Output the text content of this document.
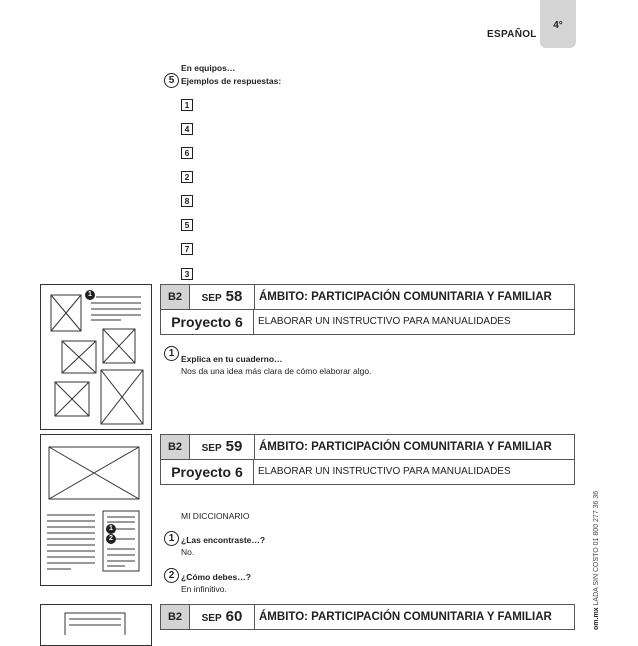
ESPAÑOL
4°
En equipos…
5 Ejemplos de respuestas:
1
4
6
2
8
5
7
3
1	B2	SEP 58	ÁMBITO: PARTICIPACIÓN COMUNITARIA Y FAMILIAR
Proyecto 6	ELABORAR UN INSTRUCTIVO PARA MANUALIDADES
1 Explica en tu cuaderno…
Nos da una idea más clara de cómo elaborar algo.
1
2
B2	SEP 59	ÁMBITO: PARTICIPACIÓN COMUNITARIA Y FAMILIAR
Proyecto 6	ELABORAR UN INSTRUCTIVO PARA MANUALIDADES
MI DICCIONARIO
1 ¿Las encontraste…?
No.
2 ¿Cómo debes…?
En infinitivo.
B2	SEP 60	ÁMBITO: PARTICIPACIÓN COMUNITARIA Y FAMILIAR	om.mx LADA SIN COSTO 01 800 277 36 36
